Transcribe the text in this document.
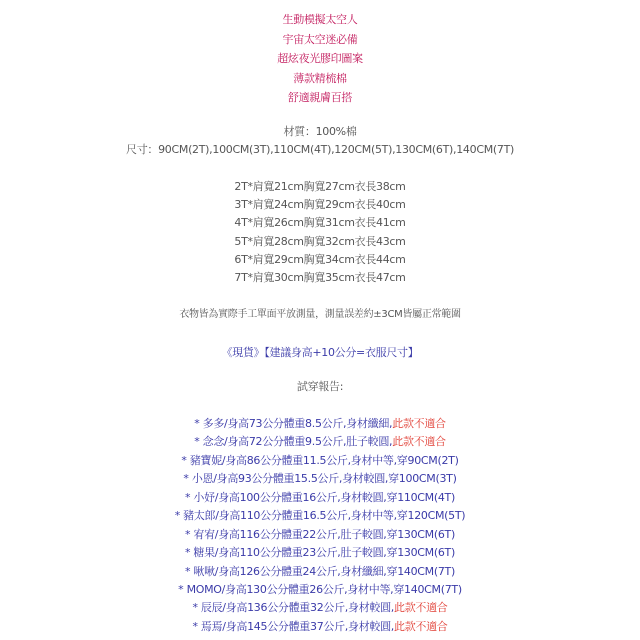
生動模擬太空人
宇宙太空迷必備
超炫夜光膠印圖案
薄款精梳棉
舒適親膚百搭
材質：100%棉
尺寸：90CM(2T),100CM(3T),110CM(4T),120CM(5T),130CM(6T),140CM(7T)
2T*肩寬21cm胸寬27cm衣長38cm
3T*肩寬24cm胸寬29cm衣長40cm
4T*肩寬26cm胸寬31cm衣長41cm
5T*肩寬28cm胸寬32cm衣長43cm
6T*肩寬29cm胸寬34cm衣長44cm
7T*肩寬30cm胸寬35cm衣長47cm
衣物皆為實際手工單面平放測量，測量誤差約±3CM皆屬正常範圍
《現貨》【建議身高+10公分=衣服尺寸】
試穿報告:
* 多多/身高73公分體重8.5公斤,身材纖細,此款不適合
* 念念/身高72公分體重9.5公斤,肚子較圓,此款不適合
* 豬寶妮/身高86公分體重11.5公斤,身材中等,穿90CM(2T)
* 小恩/身高93公分體重15.5公斤,身材較圓,穿100CM(3T)
* 小妤/身高100公分體重16公斤,身材較圓,穿110CM(4T)
* 豬太郎/身高110公分體重16.5公斤,身材中等,穿120CM(5T)
* 宥宥/身高116公分體重22公斤,肚子較圓,穿130CM(6T)
* 糖果/身高110公分體重23公斤,肚子較圓,穿130CM(6T)
* 啾啾/身高126公分體重24公斤,身材纖細,穿140CM(7T)
* MOMO/身高130公分體重26公斤,身材中等,穿140CM(7T)
* 辰辰/身高136公分體重32公斤,身材較圓,此款不適合
* 焉焉/身高145公分體重37公斤,身材較圓,此款不適合
